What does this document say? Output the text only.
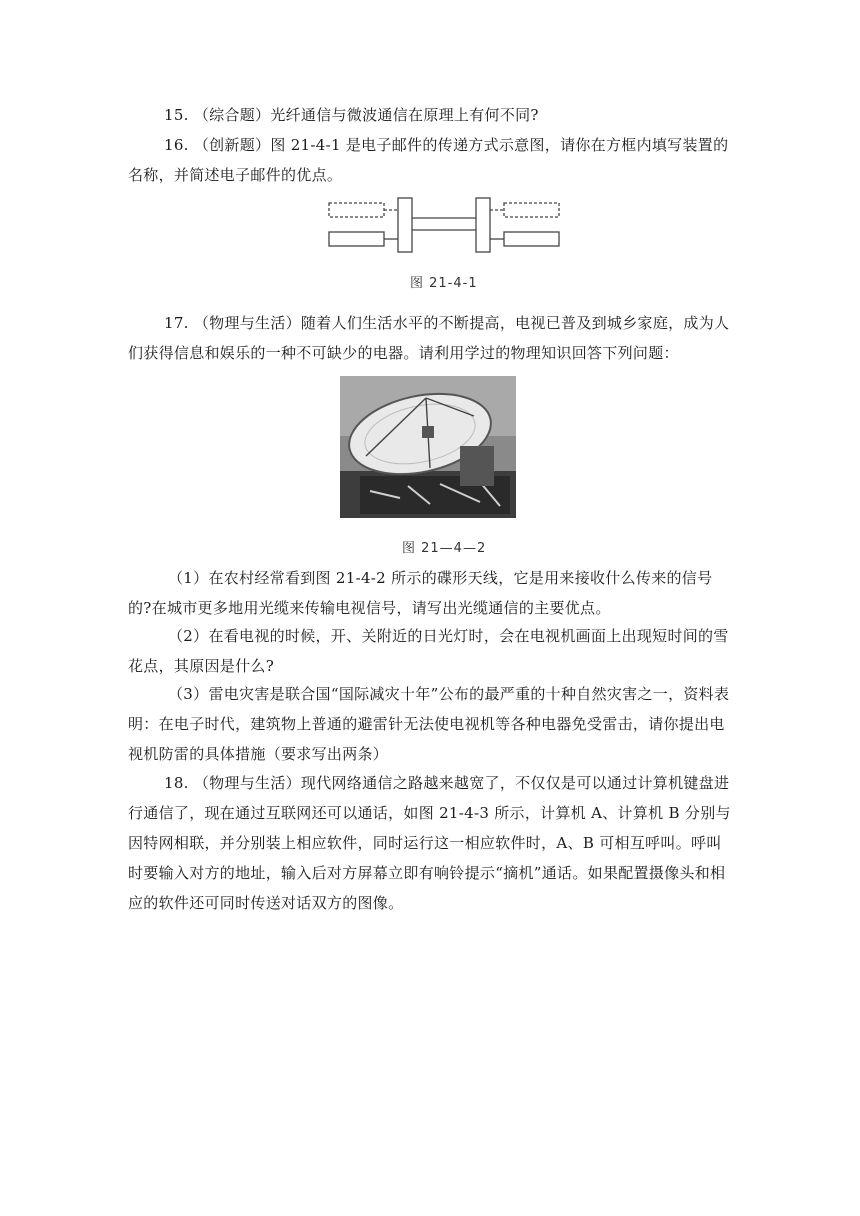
15. （综合题）光纤通信与微波通信在原理上有何不同?

16. （创新题）图 21-4-1 是电子邮件的传递方式示意图，请你在方框内填写装置的名称，并简述电子邮件的优点。

图 21-4-1

17. （物理与生活）随着人们生活水平的不断提高，电视已普及到城乡家庭，成为人们获得信息和娱乐的一种不可缺少的电器。请利用学过的物理知识回答下列问题：

图 21—4—2

（1）在农村经常看到图 21-4-2 所示的碟形天线，它是用来接收什么传来的信号的?在城市更多地用光缆来传输电视信号，请写出光缆通信的主要优点。

（2）在看电视的时候，开、关附近的日光灯时，会在电视机画面上出现短时间的雪花点，其原因是什么?

（3）雷电灾害是联合国“国际减灾十年”公布的最严重的十种自然灾害之一，资料表明：在电子时代，建筑物上普通的避雷针无法使电视机等各种电器免受雷击，请你提出电视机防雷的具体措施（要求写出两条）

18. （物理与生活）现代网络通信之路越来越宽了，不仅仅是可以通过计算机键盘进行通信了，现在通过互联网还可以通话，如图 21-4-3 所示，计算机 A、计算机 B 分别与因特网相联，并分别装上相应软件，同时运行这一相应软件时，A、B 可相互呼叫。呼叫时要输入对方的地址，输入后对方屏幕立即有响铃提示“摘机”通话。如果配置摄像头和相应的软件还可同时传送对话双方的图像。
